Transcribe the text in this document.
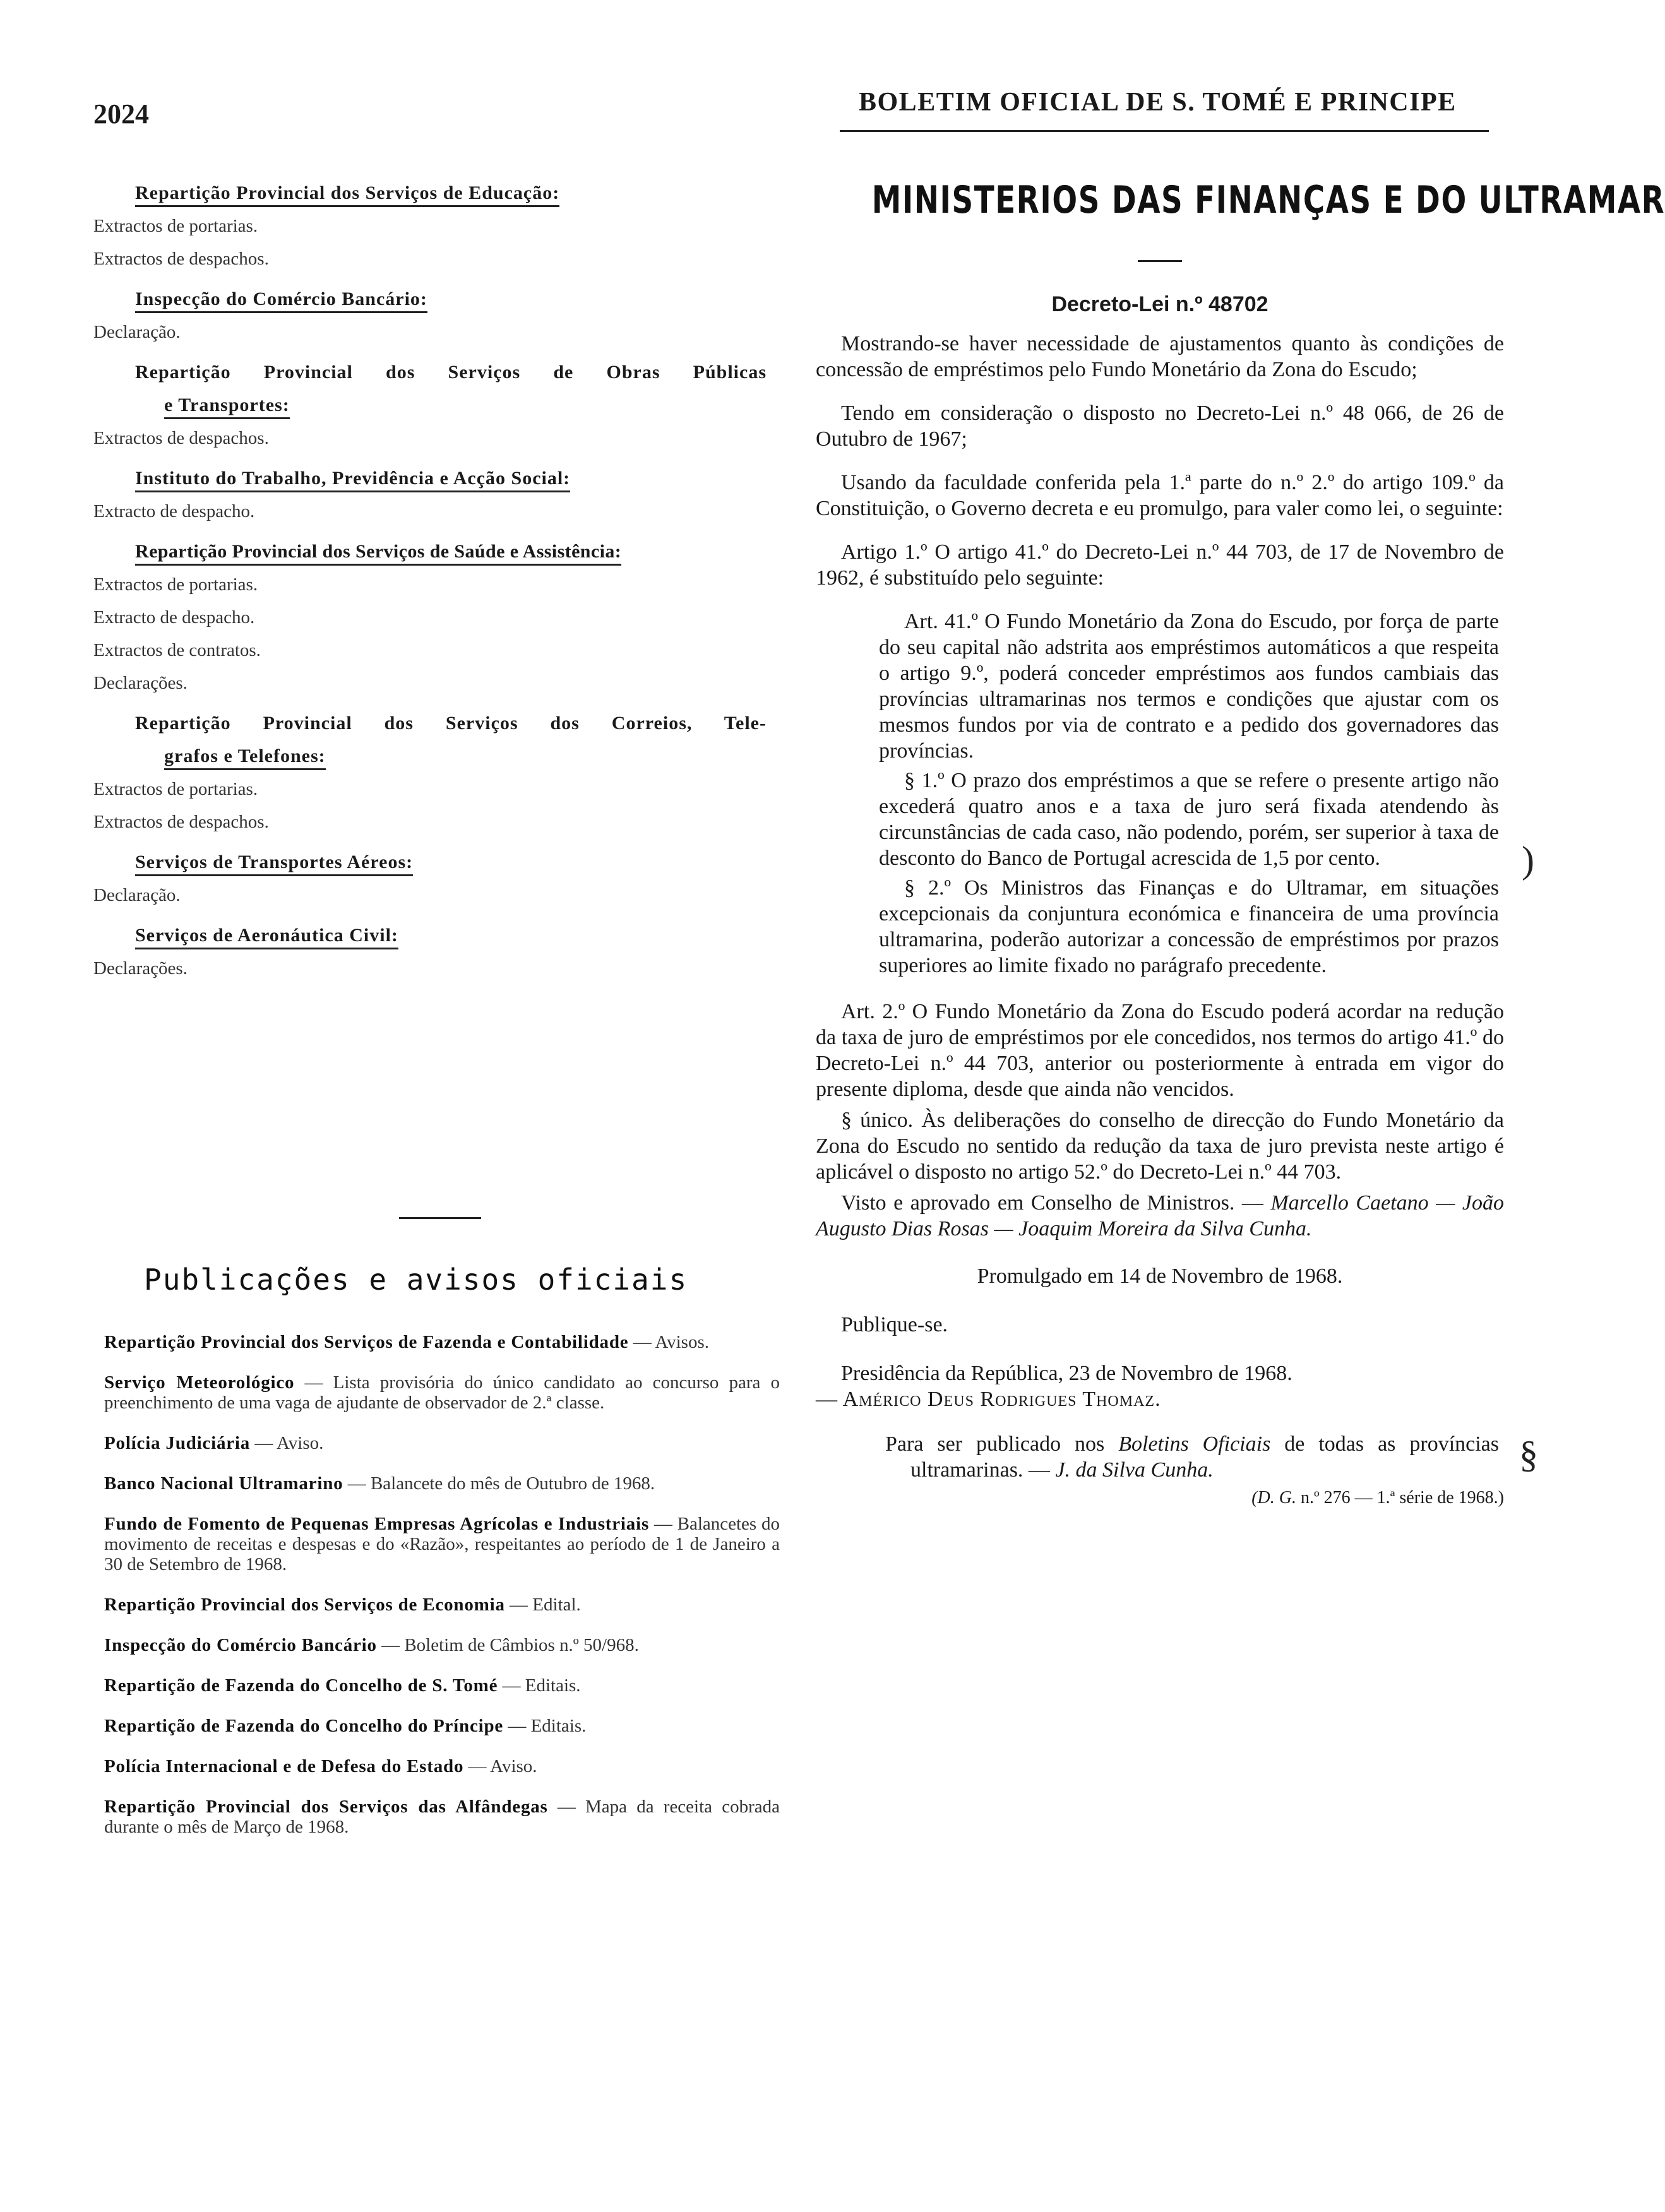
2024	BOLETIM OFICIAL DE S. TOMÉ E PRINCIPE
Repartição Provincial dos Serviços de Educação:
Extractos de portarias.
Extractos de despachos.
Inspecção do Comércio Bancário:
Declaração.
Repartição Provincial dos Serviços de Obras Públicas
e Transportes:
Extractos de despachos.
Instituto do Trabalho, Previdência e Acção Social:
Extracto de despacho.
Repartição Provincial dos Serviços de Saúde e Assistência:
Extractos de portarias.
Extracto de despacho.
Extractos de contratos.
Declarações.
Repartição Provincial dos Serviços dos Correios, Tele-
grafos e Telefones:
Extractos de portarias.
Extractos de despachos.
Serviços de Transportes Aéreos:
Declaração.
Serviços de Aeronáutica Civil:
Declarações.
Publicações e avisos oficiais
Repartição Provincial dos Serviços de Fazenda e Contabilidade — Avisos.
Serviço Meteorológico — Lista provisória do único candidato ao concurso para o preenchimento de uma vaga de ajudante de observador de 2.ª classe.
Polícia Judiciária — Aviso.
Banco Nacional Ultramarino — Balancete do mês de Outubro de 1968.
Fundo de Fomento de Pequenas Empresas Agrícolas e Industriais — Balancetes do movimento de receitas e despesas e do «Razão», respeitantes ao período de 1 de Janeiro a 30 de Setembro de 1968.
Repartição Provincial dos Serviços de Economia — Edital.
Inspecção do Comércio Bancário — Boletim de Câmbios n.º 50/968.
Repartição de Fazenda do Concelho de S. Tomé — Editais.
Repartição de Fazenda do Concelho do Príncipe — Editais.
Polícia Internacional e de Defesa do Estado — Aviso.
Repartição Provincial dos Serviços das Alfândegas — Mapa da receita cobrada durante o mês de Março de 1968.
MINISTERIOS DAS FINANÇAS E DO ULTRAMAR
Decreto-Lei n.º 48702

Mostrando-se haver necessidade de ajustamentos quanto às condições de concessão de empréstimos pelo Fundo Monetário da Zona do Escudo;

Tendo em consideração o disposto no Decreto-Lei n.º 48 066, de 26 de Outubro de 1967;

Usando da faculdade conferida pela 1.ª parte do n.º 2.º do artigo 109.º da Constituição, o Governo decreta e eu promulgo, para valer como lei, o seguinte:

Artigo 1.º O artigo 41.º do Decreto-Lei n.º 44 703, de 17 de Novembro de 1962, é substituído pelo seguinte:

Art. 41.º O Fundo Monetário da Zona do Escudo, por força de parte do seu capital não adstrita aos empréstimos automáticos a que respeita o artigo 9.º, poderá conceder empréstimos aos fundos cambiais das províncias ultramarinas nos termos e condições que ajustar com os mesmos fundos por via de contrato e a pedido dos governadores das províncias.

§ 1.º O prazo dos empréstimos a que se refere o presente artigo não excederá quatro anos e a taxa de juro será fixada atendendo às circunstâncias de cada caso, não podendo, porém, ser superior à taxa de desconto do Banco de Portugal acrescida de 1,5 por cento.

§ 2.º Os Ministros das Finanças e do Ultramar, em situações excepcionais da conjuntura económica e financeira de uma província ultramarina, poderão autorizar a concessão de empréstimos por prazos superiores ao limite fixado no parágrafo precedente.

Art. 2.º O Fundo Monetário da Zona do Escudo poderá acordar na redução da taxa de juro de empréstimos por ele concedidos, nos termos do artigo 41.º do Decreto-Lei n.º 44 703, anterior ou posteriormente à entrada em vigor do presente diploma, desde que ainda não vencidos.

§ único. Às deliberações do conselho de direcção do Fundo Monetário da Zona do Escudo no sentido da redução da taxa de juro prevista neste artigo é aplicável o disposto no artigo 52.º do Decreto-Lei n.º 44 703.

Visto e aprovado em Conselho de Ministros. — Marcello Caetano — João Augusto Dias Rosas — Joaquim Moreira da Silva Cunha.

Promulgado em 14 de Novembro de 1968.

Publique-se.

Presidência da República, 23 de Novembro de 1968.

— Américo Deus Rodrigues Thomaz.

Para ser publicado nos Boletins Oficiais de todas as províncias ultramarinas. — J. da Silva Cunha.

(D. G. n.º 276 — 1.ª série de 1968.)
)
§
